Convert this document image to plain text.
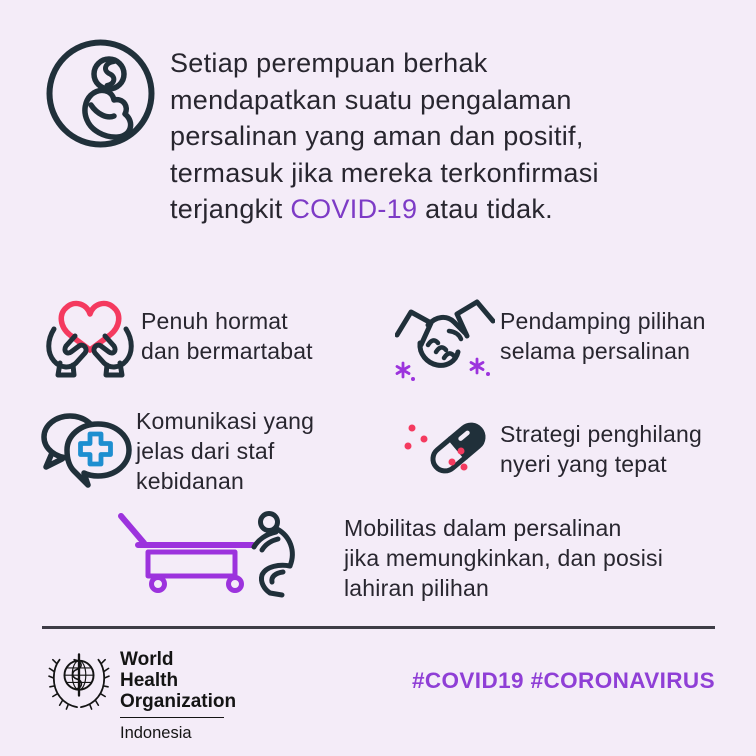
Setiap perempuan berhak
mendapatkan suatu pengalaman
persalinan yang aman dan positif,
termasuk jika mereka terkonfirmasi
terjangkit COVID-19 atau tidak.
Penuh hormat
dan bermartabat
Pendamping pilihan
selama persalinan
Komunikasi yang
jelas dari staf
kebidanan
Strategi penghilang
nyeri yang tepat
Mobilitas dalam persalinan
jika memungkinkan, dan posisi
lahiran pilihan
World Health
Organization
Indonesia
#COVID19 #CORONAVIRUS
